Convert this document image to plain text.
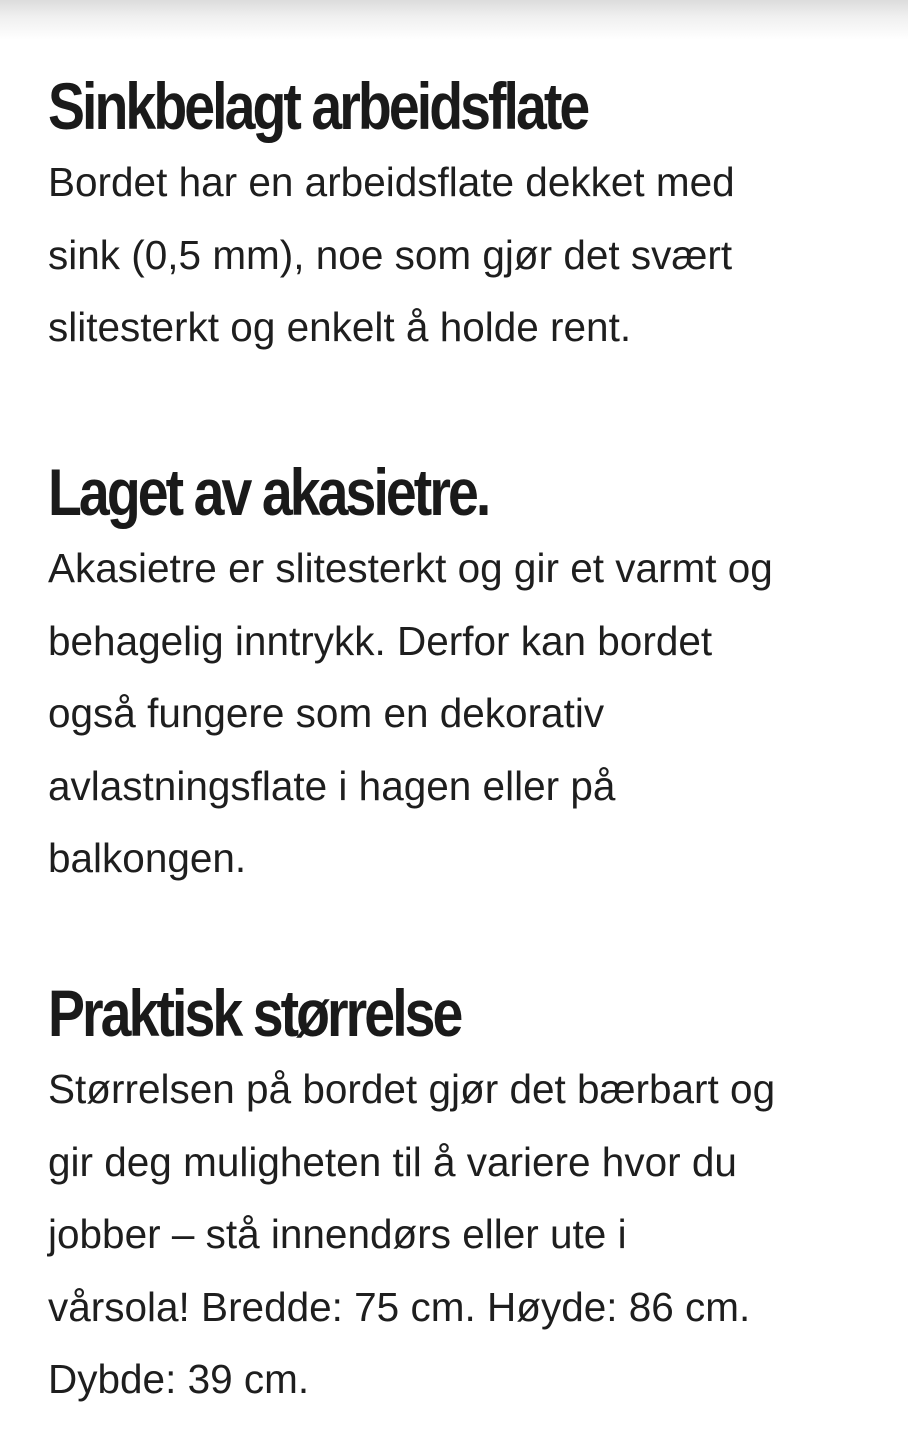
Sinkbelagt arbeidsflate

Bordet har en arbeidsflate dekket med
sink (0,5 mm), noe som gjør det svært
slitesterkt og enkelt å holde rent.

Laget av akasietre.

Akasietre er slitesterkt og gir et varmt og
behagelig inntrykk. Derfor kan bordet
også fungere som en dekorativ
avlastningsflate i hagen eller på
balkongen.

Praktisk størrelse

Størrelsen på bordet gjør det bærbart og
gir deg muligheten til å variere hvor du
jobber – stå innendørs eller ute i
vårsola! Bredde: 75 cm. Høyde: 86 cm.
Dybde: 39 cm.
